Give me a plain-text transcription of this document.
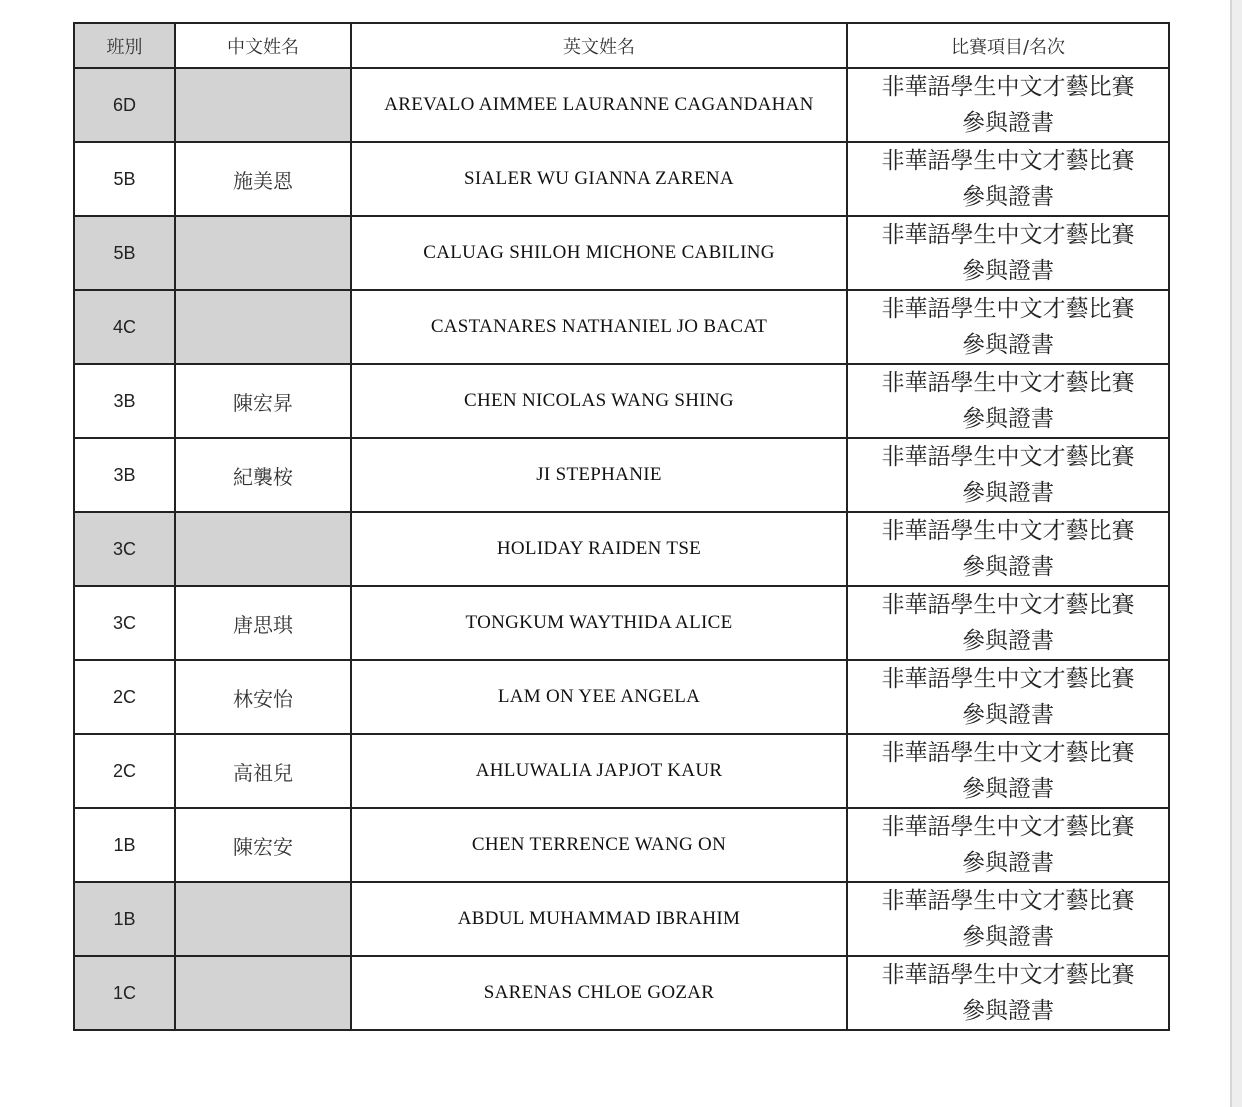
班別	中文姓名	英文姓名	比賽項目/名次
6D		AREVALO AIMMEE LAURANNE CAGANDAHAN	非華語學生中文才藝比賽
參與證書

5B	施美恩	SIALER WU GIANNA ZARENA	非華語學生中文才藝比賽
參與證書

5B		CALUAG SHILOH MICHONE CABILING	非華語學生中文才藝比賽
參與證書

4C		CASTANARES NATHANIEL JO BACAT	非華語學生中文才藝比賽
參與證書

3B	陳宏昇	CHEN NICOLAS WANG SHING	非華語學生中文才藝比賽
參與證書

3B	紀襲桉	JI STEPHANIE	非華語學生中文才藝比賽
參與證書

3C		HOLIDAY RAIDEN TSE	非華語學生中文才藝比賽
參與證書

3C	唐思琪	TONGKUM WAYTHIDA ALICE	非華語學生中文才藝比賽
參與證書

2C	林安怡	LAM ON YEE ANGELA	非華語學生中文才藝比賽
參與證書

2C	高祖兒	AHLUWALIA JAPJOT KAUR	非華語學生中文才藝比賽
參與證書

1B	陳宏安	CHEN TERRENCE WANG ON	非華語學生中文才藝比賽
參與證書

1B		ABDUL MUHAMMAD IBRAHIM	非華語學生中文才藝比賽
參與證書

1C		SARENAS CHLOE GOZAR	非華語學生中文才藝比賽
參與證書
